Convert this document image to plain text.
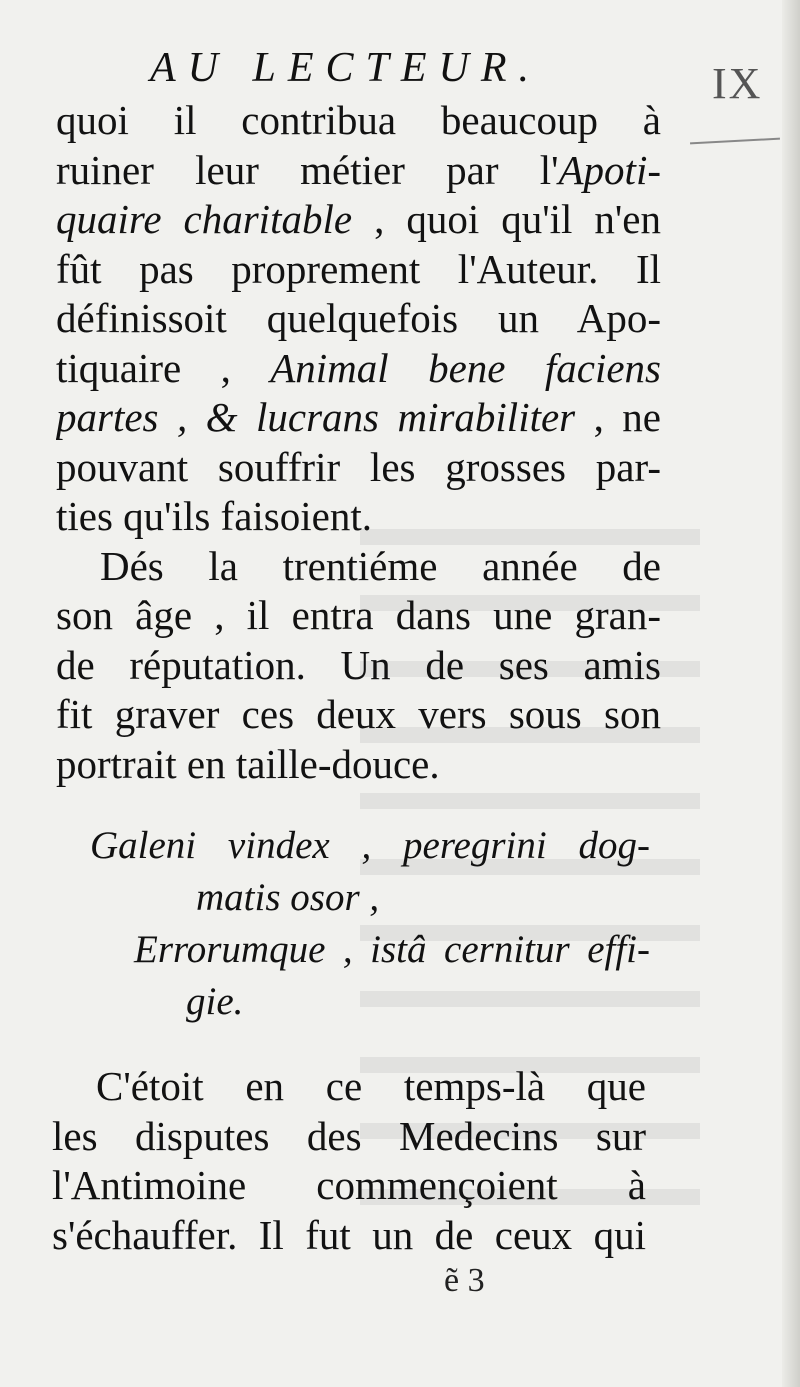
AU LECTEUR.	IX
quoi il contribua beaucoup à
ruiner leur métier par l'Apoti-
quaire charitable , quoi qu'il n'en
fût pas proprement l'Auteur. Il
définissoit quelquefois un Apo-
tiquaire , Animal bene faciens
partes , & lucrans mirabiliter , ne
pouvant souffrir les grosses par-
ties qu'ils faisoient.
Dés la trentiéme année de
son âge , il entra dans une gran-
de réputation. Un de ses amis
fit graver ces deux vers sous son
portrait en taille-douce.
Galeni vindex , peregrini dog-
matis osor ,
Errorumque , istâ cernitur effi-
gie.
C'étoit en ce temps-là que
les disputes des Medecins sur
l'Antimoine commençoient à
s'échauffer. Il fut un de ceux qui
ẽ 3
